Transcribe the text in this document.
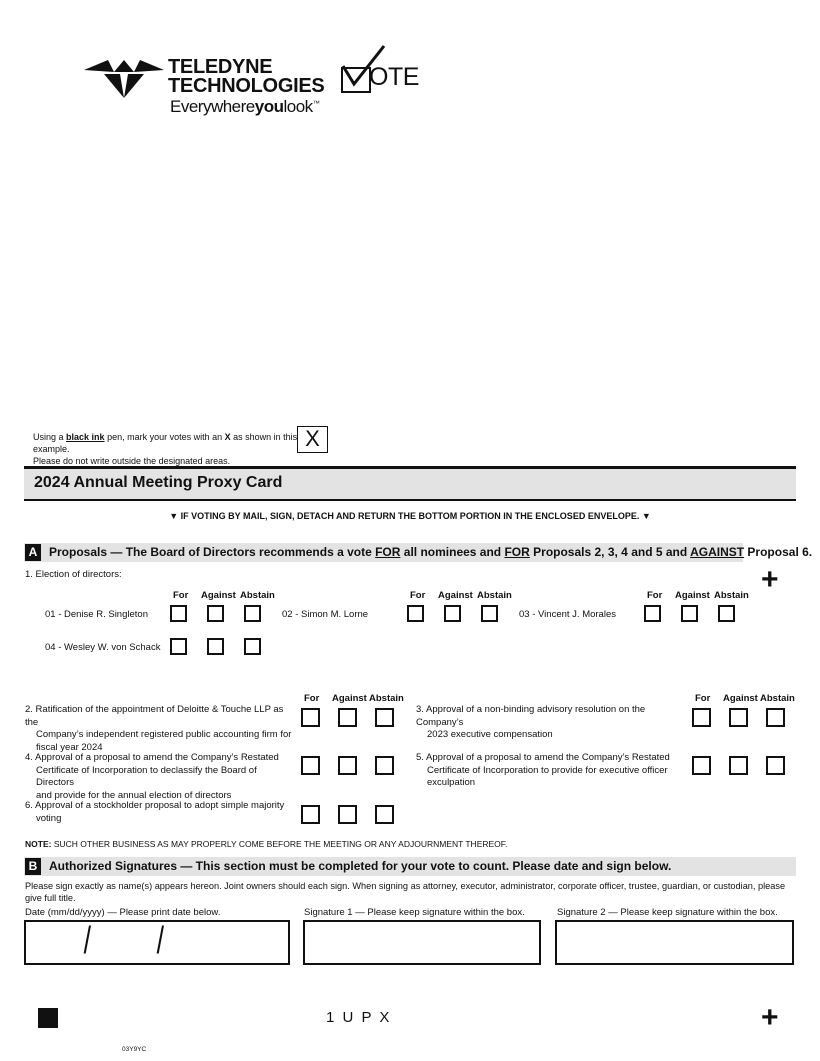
TELEDYNE
TECHNOLOGIES
Everywhereyoulook™
OTE
Using a black ink pen, mark your votes with an X as shown in this example.
Please do not write outside the designated areas.
X
2024 Annual Meeting Proxy Card
▼ IF VOTING BY MAIL, SIGN, DETACH AND RETURN THE BOTTOM PORTION IN THE ENCLOSED ENVELOPE. ▼
A Proposals — The Board of Directors recommends a vote FOR all nominees and FOR Proposals 2, 3, 4 and 5 and AGAINST Proposal 6.
+
1. Election of directors:
For Against Abstain	For Against Abstain	For Against Abstain
01 - Denise R. Singleton	02 - Simon M. Lorne	03 - Vincent J. Morales
04 - Wesley W. von Schack
For Against Abstain	For Against Abstain
2. Ratification of the appointment of Deloitte & Touche LLP as the
Company’s independent registered public accounting firm for
fiscal year 2024
3. Approval of a non-binding advisory resolution on the Company’s
2023 executive compensation
4. Approval of a proposal to amend the Company’s Restated
Certificate of Incorporation to declassify the Board of Directors
and provide for the annual election of directors
5. Approval of a proposal to amend the Company’s Restated
Certificate of Incorporation to provide for executive officer
exculpation
6. Approval of a stockholder proposal to adopt simple majority
voting
NOTE: SUCH OTHER BUSINESS AS MAY PROPERLY COME BEFORE THE MEETING OR ANY ADJOURNMENT THEREOF.
B Authorized Signatures — This section must be completed for your vote to count. Please date and sign below.
Please sign exactly as name(s) appears hereon. Joint owners should each sign. When signing as attorney, executor, administrator, corporate officer, trustee, guardian, or custodian, please give full title.
Date (mm/dd/yyyy) — Please print date below.	Signature 1 — Please keep signature within the box.	Signature 2 — Please keep signature within the box.
/ /
1 U P X	+
03Y9YC
